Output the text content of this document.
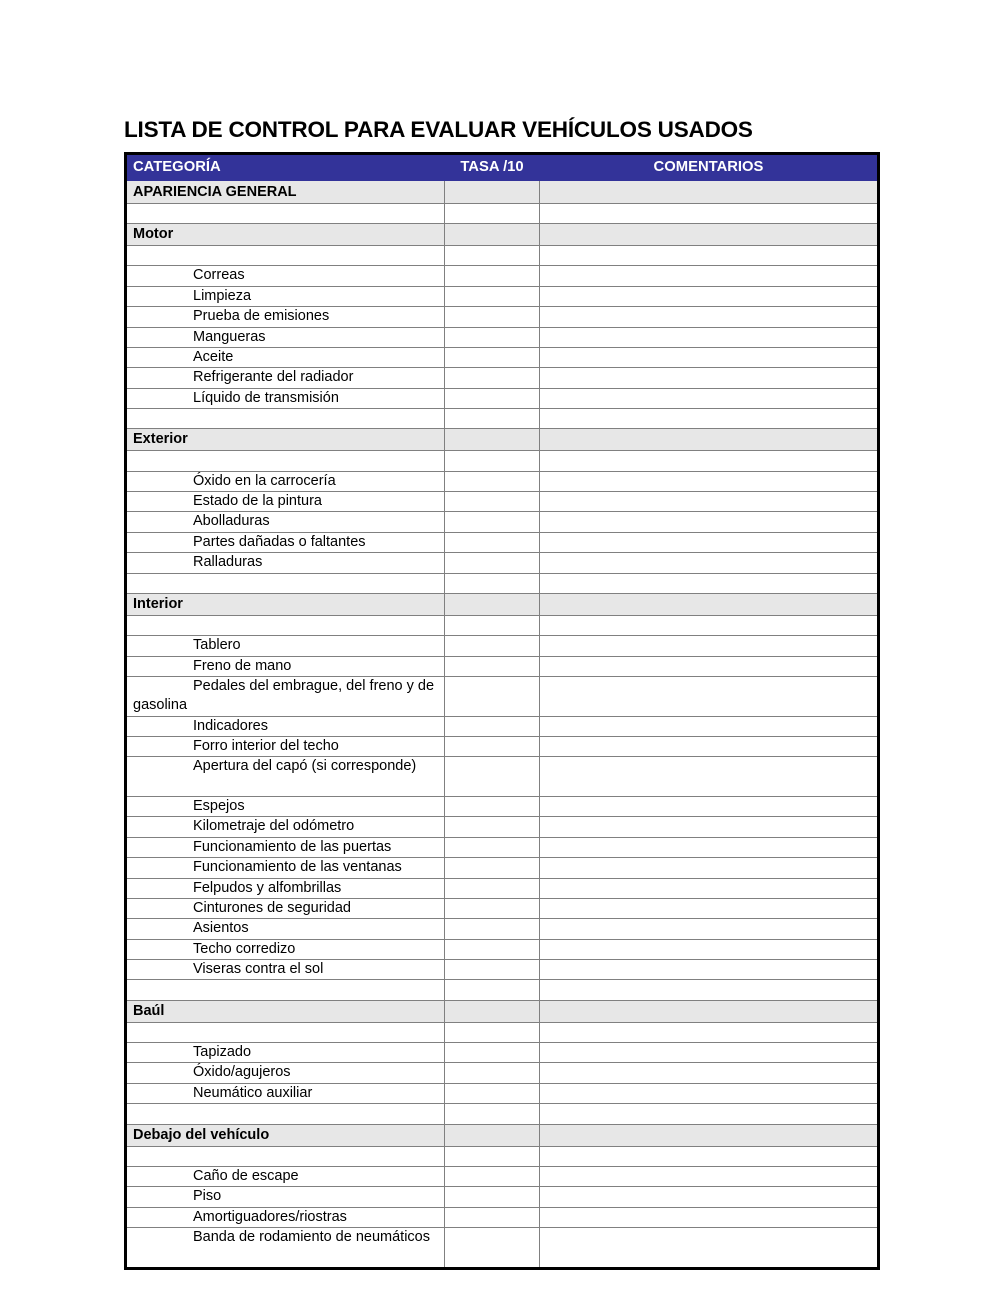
LISTA DE CONTROL PARA EVALUAR VEHÍCULOS USADOS
CATEGORÍA	TASA /10	COMENTARIOS
APARIENCIA GENERAL		

Motor		

Correas		
Limpieza		
Prueba de emisiones		
Mangueras		
Aceite		
Refrigerante del radiador		
Líquido de transmisión		

Exterior		

Óxido en la carrocería		
Estado de la pintura		
Abolladuras		
Partes dañadas o faltantes		
Ralladuras		

Interior		

Tablero		
Freno de mano		
Pedales del embrague, del freno y de gasolina		
Indicadores		
Forro interior del techo		
Apertura del capó (si corresponde)		
Espejos		
Kilometraje del odómetro		
Funcionamiento de las puertas		
Funcionamiento de las ventanas		
Felpudos y alfombrillas		
Cinturones de seguridad		
Asientos		
Techo corredizo		
Viseras contra el sol		

Baúl		

Tapizado		
Óxido/agujeros		
Neumático auxiliar		

Debajo del vehículo		

Caño de escape		
Piso		
Amortiguadores/riostras		
Banda de rodamiento de neumáticos		
